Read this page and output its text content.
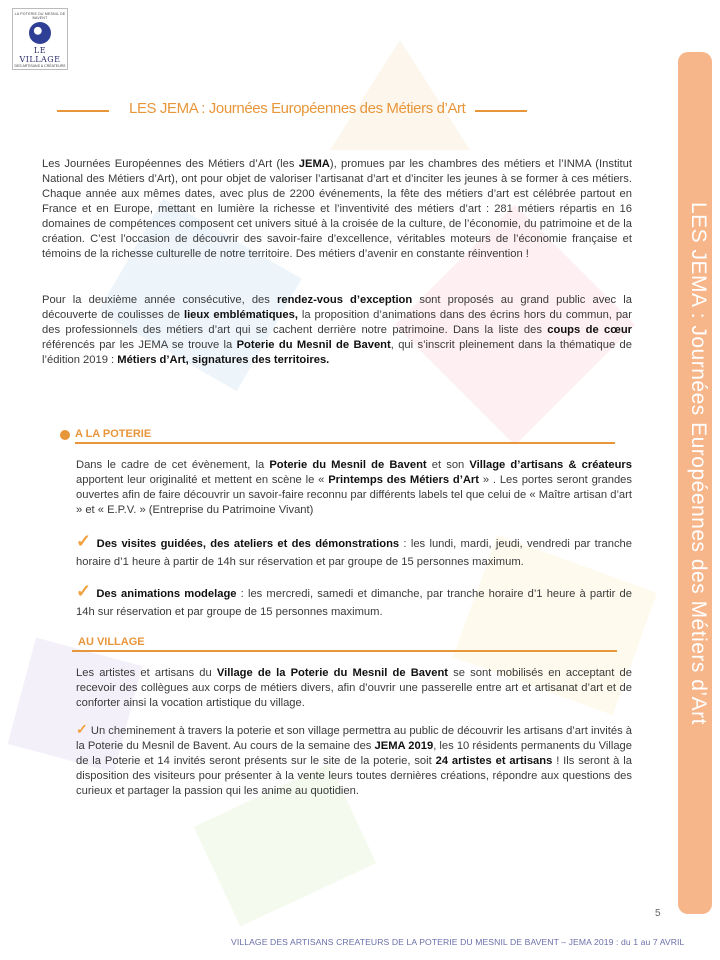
LA POTERIE DU MESNIL DE BAVENT
LE VILLAGE
DES ARTISANS & CRÉATEURS
LES JEMA : Journées Européennes des Métiers d’Art
LES JEMA : Journées Européennes des Métiers d’Art
Les Journées Européennes des Métiers d’Art (les JEMA), promues par les chambres des métiers et l’INMA (Institut National des Métiers d’Art), ont pour objet de valoriser l’artisanat d’art et d’inciter les jeunes à se former à ces métiers. Chaque année aux mêmes dates, avec plus de 2200 événements, la fête des métiers d’art est célébrée partout en France et en Europe, mettant en lumière la richesse et l’inventivité des métiers d’art : 281 métiers répartis en 16 domaines de compétences composent cet univers situé à la croisée de la culture, de l’économie, du patrimoine et de la création. C’est l’occasion de découvrir des savoir-faire d’excellence, véritables moteurs de l’économie française et témoins de la richesse culturelle de notre territoire. Des métiers d’avenir en constante réinvention !
Pour la deuxième année consécutive, des rendez-vous d’exception sont proposés au grand public avec la découverte de coulisses de lieux emblématiques, la proposition d’animations dans des écrins hors du commun, par des professionnels des métiers d’art qui se cachent derrière notre patrimoine. Dans la liste des coups de cœur référencés par les JEMA se trouve la Poterie du Mesnil de Bavent, qui s’inscrit pleinement dans la thématique de l’édition 2019 : Métiers d’Art, signatures des territoires.
A LA POTERIE
Dans le cadre de cet évènement, la Poterie du Mesnil de Bavent et son Village d’artisans & créateurs apportent leur originalité et mettent en scène le « Printemps des Métiers d’Art » . Les portes seront grandes ouvertes afin de faire découvrir un savoir-faire reconnu par différents labels tel que celui de « Maître artisan d’art » et « E.P.V. » (Entreprise du Patrimoine Vivant)
✓ Des visites guidées, des ateliers et des démonstrations : les lundi, mardi, jeudi, vendredi par tranche horaire d’1 heure à partir de 14h sur réservation et par groupe de 15 personnes maximum.
✓ Des animations modelage : les mercredi, samedi et dimanche, par tranche horaire d’1 heure à partir de 14h sur réservation et par groupe de 15 personnes maximum.
AU VILLAGE
Les artistes et artisans du Village de la Poterie du Mesnil de Bavent se sont mobilisés en acceptant de recevoir des collègues aux corps de métiers divers, afin d’ouvrir une passerelle entre art et artisanat d’art et de conforter ainsi la vocation artistique du village.
✓ Un cheminement à travers la poterie et son village permettra au public de découvrir les artisans d’art invités à la Poterie du Mesnil de Bavent. Au cours de la semaine des JEMA 2019, les 10 résidents permanents du Village de la Poterie et 14 invités seront présents sur le site de la poterie, soit 24 artistes et artisans ! Ils seront à la disposition des visiteurs pour présenter à la vente leurs toutes dernières créations, répondre aux questions des curieux et partager la passion qui les anime au quotidien.
5
VILLAGE DES ARTISANS CREATEURS DE LA POTERIE DU MESNIL DE BAVENT – JEMA 2019 : du 1 au 7 AVRIL
